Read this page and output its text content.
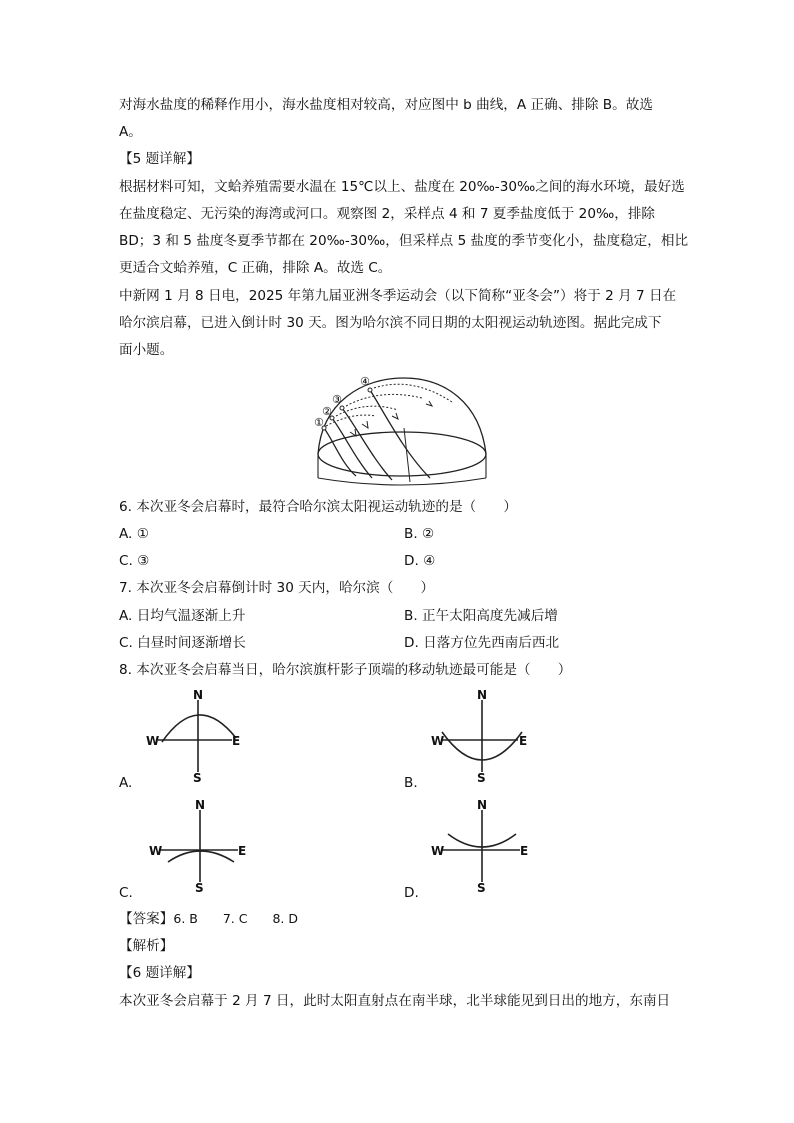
对海水盐度的稀释作用小，海水盐度相对较高，对应图中 b 曲线，A 正确、排除 B。故选
A。
【5 题详解】
根据材料可知，文蛤养殖需要水温在 15℃以上、盐度在 20‰-30‰之间的海水环境，最好选
在盐度稳定、无污染的海湾或河口。观察图 2，采样点 4 和 7 夏季盐度低于 20‰，排除
BD；3 和 5 盐度冬夏季节都在 20‰-30‰，但采样点 5 盐度的季节变化小，盐度稳定，相比
更适合文蛤养殖，C 正确，排除 A。故选 C。
中新网 1 月 8 日电，2025 年第九届亚洲冬季运动会（以下简称“亚冬会”）将于 2 月 7 日在
哈尔滨启幕，已进入倒计时 30 天。图为哈尔滨不同日期的太阳视运动轨迹图。据此完成下
面小题。
①
②
③
④
6. 本次亚冬会启幕时，最符合哈尔滨太阳视运动轨迹的是（　　）
A. ①	B. ②
C. ③	D. ④
7. 本次亚冬会启幕倒计时 30 天内，哈尔滨（　　）
A. 日均气温逐渐上升	B. 正午太阳高度先减后增
C. 白昼时间逐渐增长	D. 日落方位先西南后西北
8. 本次亚冬会启幕当日，哈尔滨旗杆影子顶端的移动轨迹最可能是（　　）
N
S
W	E
A.
N
S
W	E
B.
N
S
W	E
C.
N
S
W	E
D.
【答案】6. B　　7. C　　8. D
【解析】
【6 题详解】
本次亚冬会启幕于 2 月 7 日，此时太阳直射点在南半球，北半球能见到日出的地方，东南日
